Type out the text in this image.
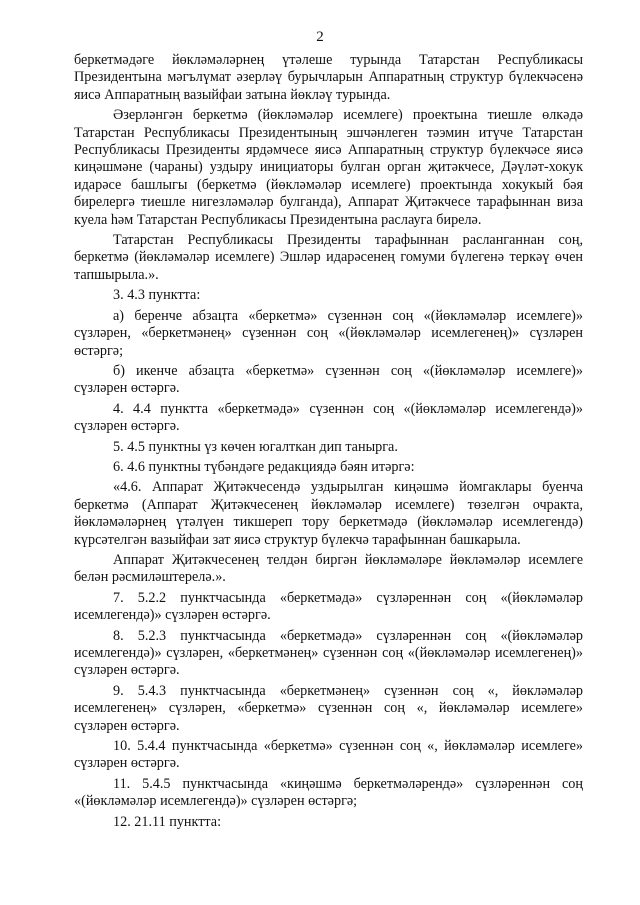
2

беркетмәдәге йөкләмәләрнең үтәлеше турында Татарстан Республикасы Президентына мәгълүмат әзерләү бурычларын Аппаратның структур бүлекчәсенә яисә Аппаратның вазыйфаи затына йөкләү турында.

Әзерләнгән беркетмә (йөкләмәләр исемлеге) проектына тиешле өлкәдә Татарстан Республикасы Президентының эшчәнлеген тәэмин итүче Татарстан Республикасы Президенты ярдәмчесе яисә Аппаратның структур бүлекчәсе яисә киңәшмәне (чараны) уздыру инициаторы булган орган җитәкчесе, Дәүләт-хокук идарәсе башлыгы (беркетмә (йөкләмәләр исемлеге) проектында хокукый бәя бирелергә тиешле нигезләмәләр булганда), Аппарат Җитәкчесе тарафыннан виза куела һәм Татарстан Республикасы Президентына раслауга бирелә.

Татарстан Республикасы Президенты тарафыннан расланганнан соң, беркетмә (йөкләмәләр исемлеге) Эшләр идарәсенең гомуми бүлегенә теркәү өчен тапшырыла.».

3. 4.3 пунктта:

а) беренче абзацта «беркетмә» сүзеннән соң «(йөкләмәләр исемлеге)» сүзләрен, «беркетмәнең» сүзеннән соң «(йөкләмәләр исемлегенең)» сүзләрен өстәргә;

б) икенче абзацта «беркетмә» сүзеннән соң «(йөкләмәләр исемлеге)» сүзләрен өстәргә.

4. 4.4 пунктта «беркетмәдә» сүзеннән соң «(йөкләмәләр исемлегендә)» сүзләрен өстәргә.

5. 4.5 пунктны үз көчен югалткан дип танырга.

6. 4.6 пунктны түбәндәге редакциядә бәян итәргә:

«4.6. Аппарат Җитәкчесендә уздырылган киңәшмә йомгаклары буенча беркетмә (Аппарат Җитәкчесенең йөкләмәләр исемлеге) төзелгән очракта, йөкләмәләрнең үтәлүен тикшереп тору беркетмәдә (йөкләмәләр исемлегендә) күрсәтелгән вазыйфаи зат яисә структур бүлекчә тарафыннан башкарыла.

Аппарат Җитәкчесенең телдән биргән йөкләмәләре йөкләмәләр исемлеге белән рәсмиләштерелә.».

7. 5.2.2 пунктчасында «беркетмәдә» сүзләреннән соң «(йөкләмәләр исемлегендә)» сүзләрен өстәргә.

8. 5.2.3 пунктчасында «беркетмәдә» сүзләреннән соң «(йөкләмәләр исемлегендә)» сүзләрен, «беркетмәнең» сүзеннән соң «(йөкләмәләр исемлегенең)» сүзләрен өстәргә.

9. 5.4.3 пунктчасында «беркетмәнең» сүзеннән соң «, йөкләмәләр исемлегенең» сүзләрен, «беркетмә» сүзеннән соң «, йөкләмәләр исемлеге» сүзләрен өстәргә.

10. 5.4.4 пунктчасында «беркетмә» сүзеннән соң «, йөкләмәләр исемлеге» сүзләрен өстәргә.

11. 5.4.5 пунктчасында «киңәшмә беркетмәләрендә» сүзләреннән соң «(йөкләмәләр исемлегендә)» сүзләрен өстәргә;

12. 21.11 пунктта:
